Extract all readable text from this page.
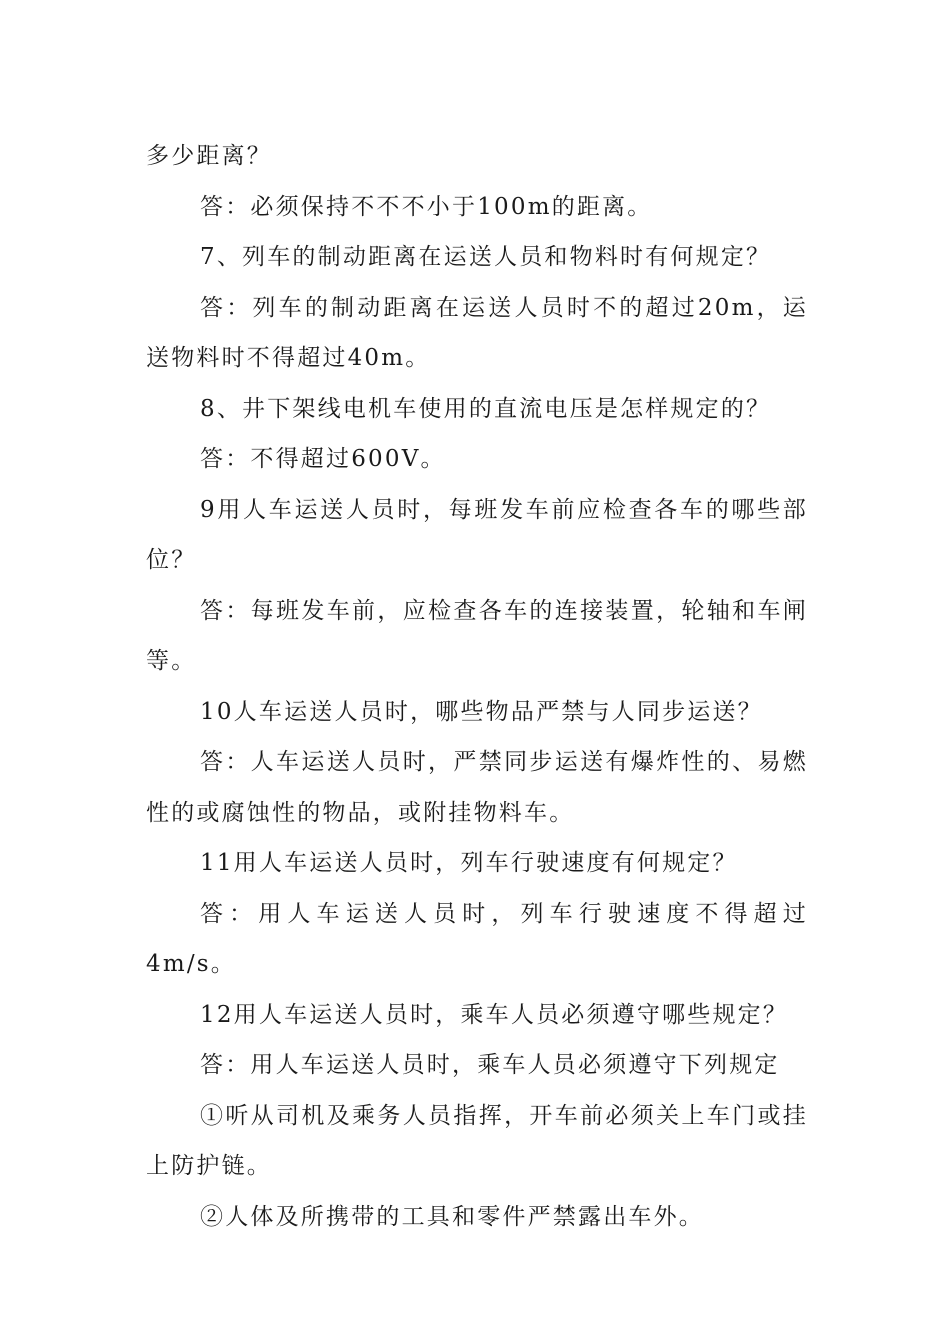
多少距离？

答：必须保持不不不小于100m的距离。

7、列车的制动距离在运送人员和物料时有何规定？

答：列车的制动距离在运送人员时不的超过20m，运送物料时不得超过40m。

8、井下架线电机车使用的直流电压是怎样规定的？

答：不得超过600V。

9用人车运送人员时，每班发车前应检查各车的哪些部位？

答：每班发车前，应检查各车的连接装置，轮轴和车闸等。

10人车运送人员时，哪些物品严禁与人同步运送？

答：人车运送人员时，严禁同步运送有爆炸性的、易燃性的或腐蚀性的物品，或附挂物料车。

11用人车运送人员时，列车行驶速度有何规定？

答：用人车运送人员时，列车行驶速度不得超过4m/s。

12用人车运送人员时，乘车人员必须遵守哪些规定？

答：用人车运送人员时，乘车人员必须遵守下列规定

①听从司机及乘务人员指挥，开车前必须关上车门或挂上防护链。

②人体及所携带的工具和零件严禁露出车外。
